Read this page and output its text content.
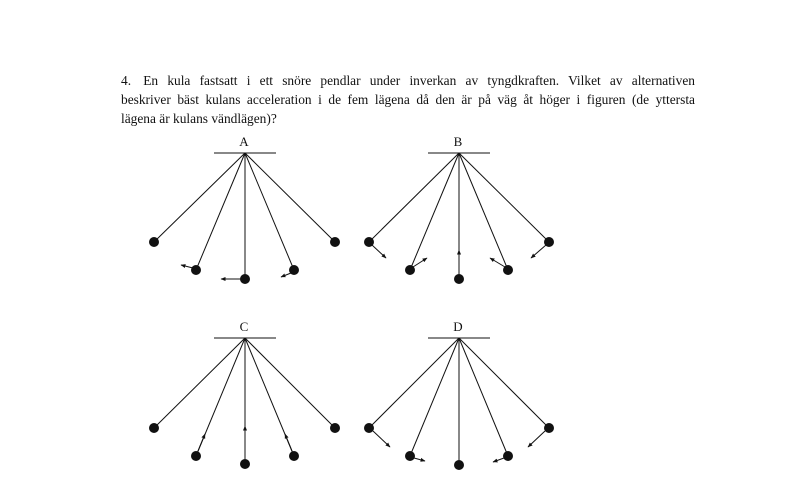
4. En kula fastsatt i ett snöre pendlar under inverkan av tyngdkraften. Vilket av alternativen
beskriver bäst kulans acceleration i de fem lägena då den är på väg åt höger i figuren (de yttersta
lägena är kulans vändlägen)?
A	B
C	D
